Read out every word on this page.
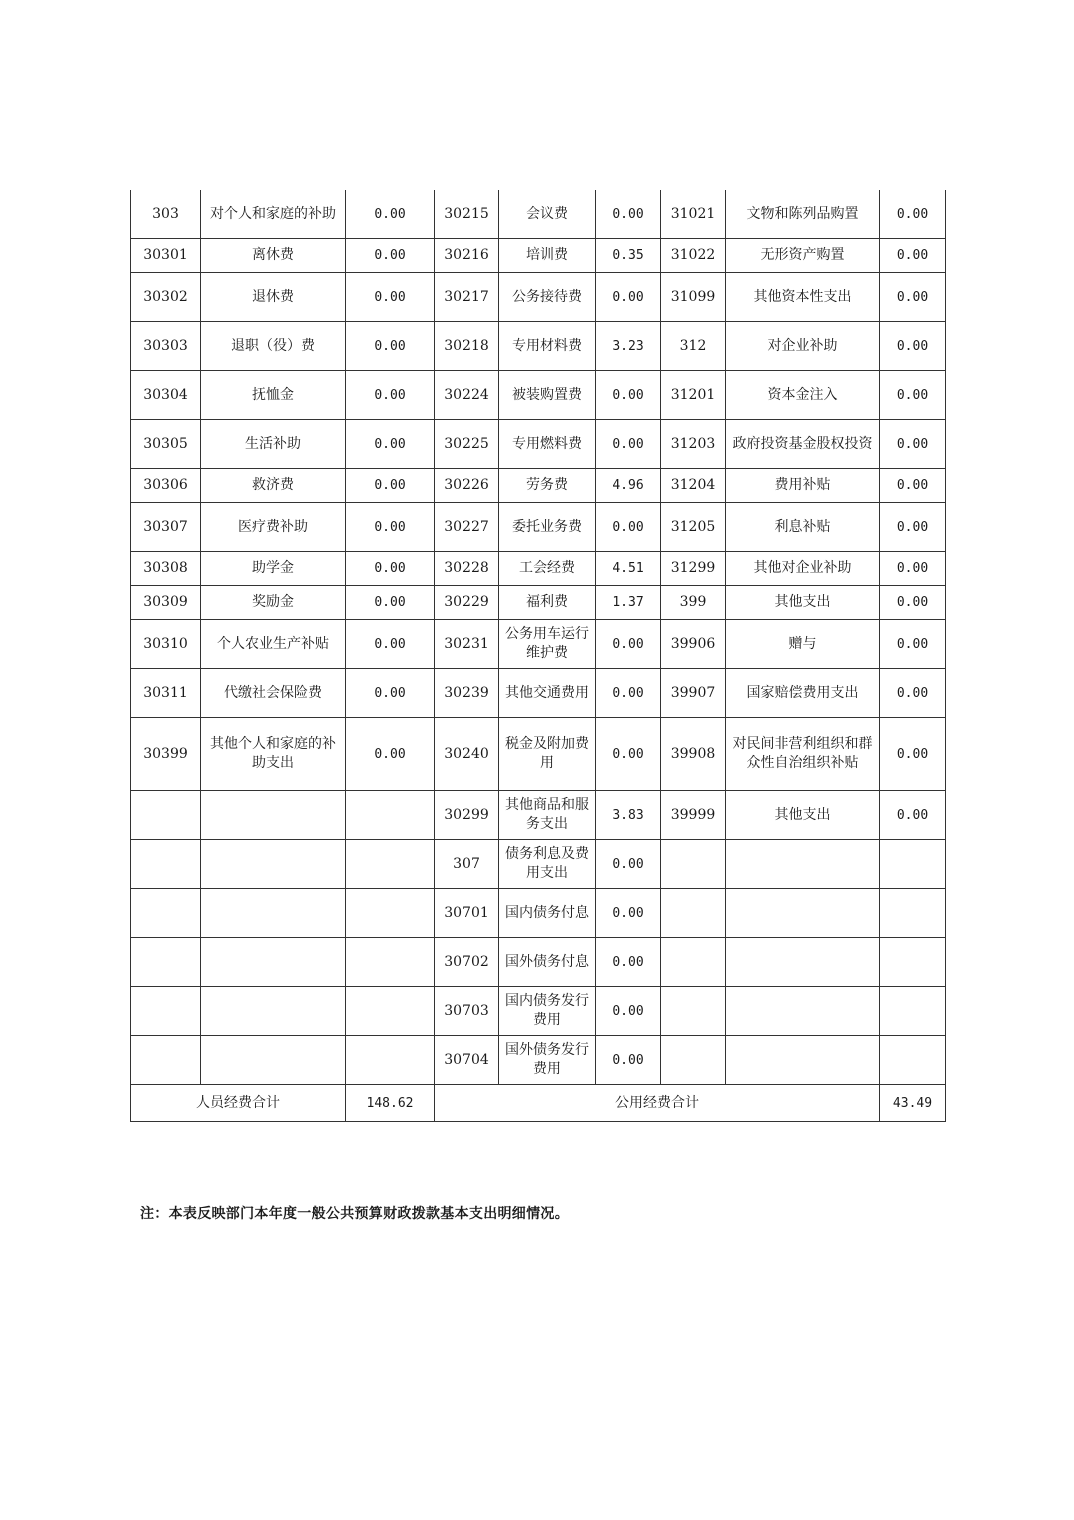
303	对个人和家庭的补助	0.00	30215	会议费	0.00	31021	文物和陈列品购置	0.00
30301	离休费	0.00	30216	培训费	0.35	31022	无形资产购置	0.00
30302	退休费	0.00	30217	公务接待费	0.00	31099	其他资本性支出	0.00
30303	退职（役）费	0.00	30218	专用材料费	3.23	312	对企业补助	0.00
30304	抚恤金	0.00	30224	被装购置费	0.00	31201	资本金注入	0.00
30305	生活补助	0.00	30225	专用燃料费	0.00	31203	政府投资基金股权投资	0.00
30306	救济费	0.00	30226	劳务费	4.96	31204	费用补贴	0.00
30307	医疗费补助	0.00	30227	委托业务费	0.00	31205	利息补贴	0.00
30308	助学金	0.00	30228	工会经费	4.51	31299	其他对企业补助	0.00
30309	奖励金	0.00	30229	福利费	1.37	399	其他支出	0.00
30310	个人农业生产补贴	0.00	30231	公务用车运行维护费	0.00	39906	赠与	0.00
30311	代缴社会保险费	0.00	30239	其他交通费用	0.00	39907	国家赔偿费用支出	0.00
30399	其他个人和家庭的补助支出	0.00	30240	税金及附加费用	0.00	39908	对民间非营利组织和群众性自治组织补贴	0.00
			30299	其他商品和服务支出	3.83	39999	其他支出	0.00
			307	债务利息及费用支出	0.00			
			30701	国内债务付息	0.00			
			30702	国外债务付息	0.00			
			30703	国内债务发行费用	0.00			
			30704	国外债务发行费用	0.00			
人员经费合计		148.62	公用经费合计					43.49
注：本表反映部门本年度一般公共预算财政拨款基本支出明细情况。
